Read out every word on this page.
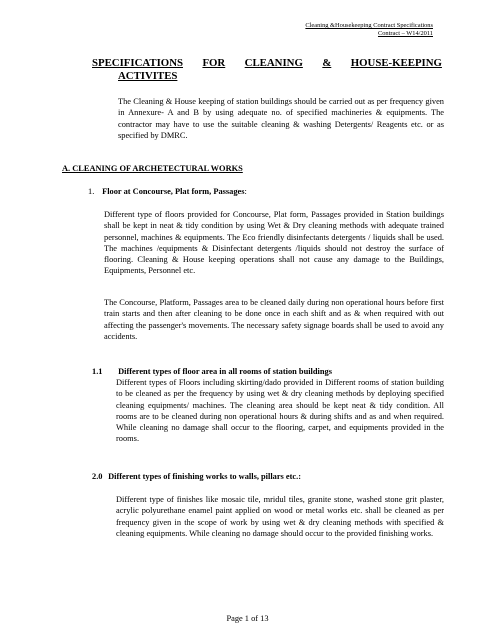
Cleaning &Housekeeping Contract Specifications
Contract – W14/2011
SPECIFICATIONS FOR CLEANING & HOUSE-KEEPING
ACTIVITES
The Cleaning & House keeping of station buildings should be carried out as per frequency given in Annexure- A and B by using adequate no. of specified machineries & equipments. The contractor may have to use the suitable cleaning & washing Detergents/ Reagents etc. or as specified by DMRC.
A. CLEANING OF ARCHETECTURAL WORKS
1. Floor at Concourse, Plat form, Passages:
Different type of floors provided for Concourse, Plat form, Passages provided in Station buildings shall be kept in neat & tidy condition by using Wet & Dry cleaning methods with adequate trained personnel, machines & equipments. The Eco friendly disinfectants detergents / liquids shall be used. The machines /equipments & Disinfectant detergents /liquids should not destroy the surface of flooring. Cleaning & House keeping operations shall not cause any damage to the Buildings, Equipments, Personnel etc.
The Concourse, Platform, Passages area to be cleaned daily during non operational hours before first train starts and then after cleaning to be done once in each shift and as & when required with out affecting the passenger's movements. The necessary safety signage boards shall be used to avoid any accidents.
1.1 Different types of floor area in all rooms of station buildings
Different types of Floors including skirting/dado provided in Different rooms of station building to be cleaned as per the frequency by using wet & dry cleaning methods by deploying specified cleaning equipments/ machines. The cleaning area should be kept neat & tidy condition. All rooms are to be cleaned during non operational hours & during shifts and as and when required. While cleaning no damage shall occur to the flooring, carpet, and equipments provided in the rooms.
2.0 Different types of finishing works to walls, pillars etc.:
Different type of finishes like mosaic tile, mridul tiles, granite stone, washed stone grit plaster, acrylic polyurethane enamel paint applied on wood or metal works etc. shall be cleaned as per frequency given in the scope of work by using wet & dry cleaning methods with specified & cleaning equipments. While cleaning no damage should occur to the provided finishing works.
Page 1 of 13
